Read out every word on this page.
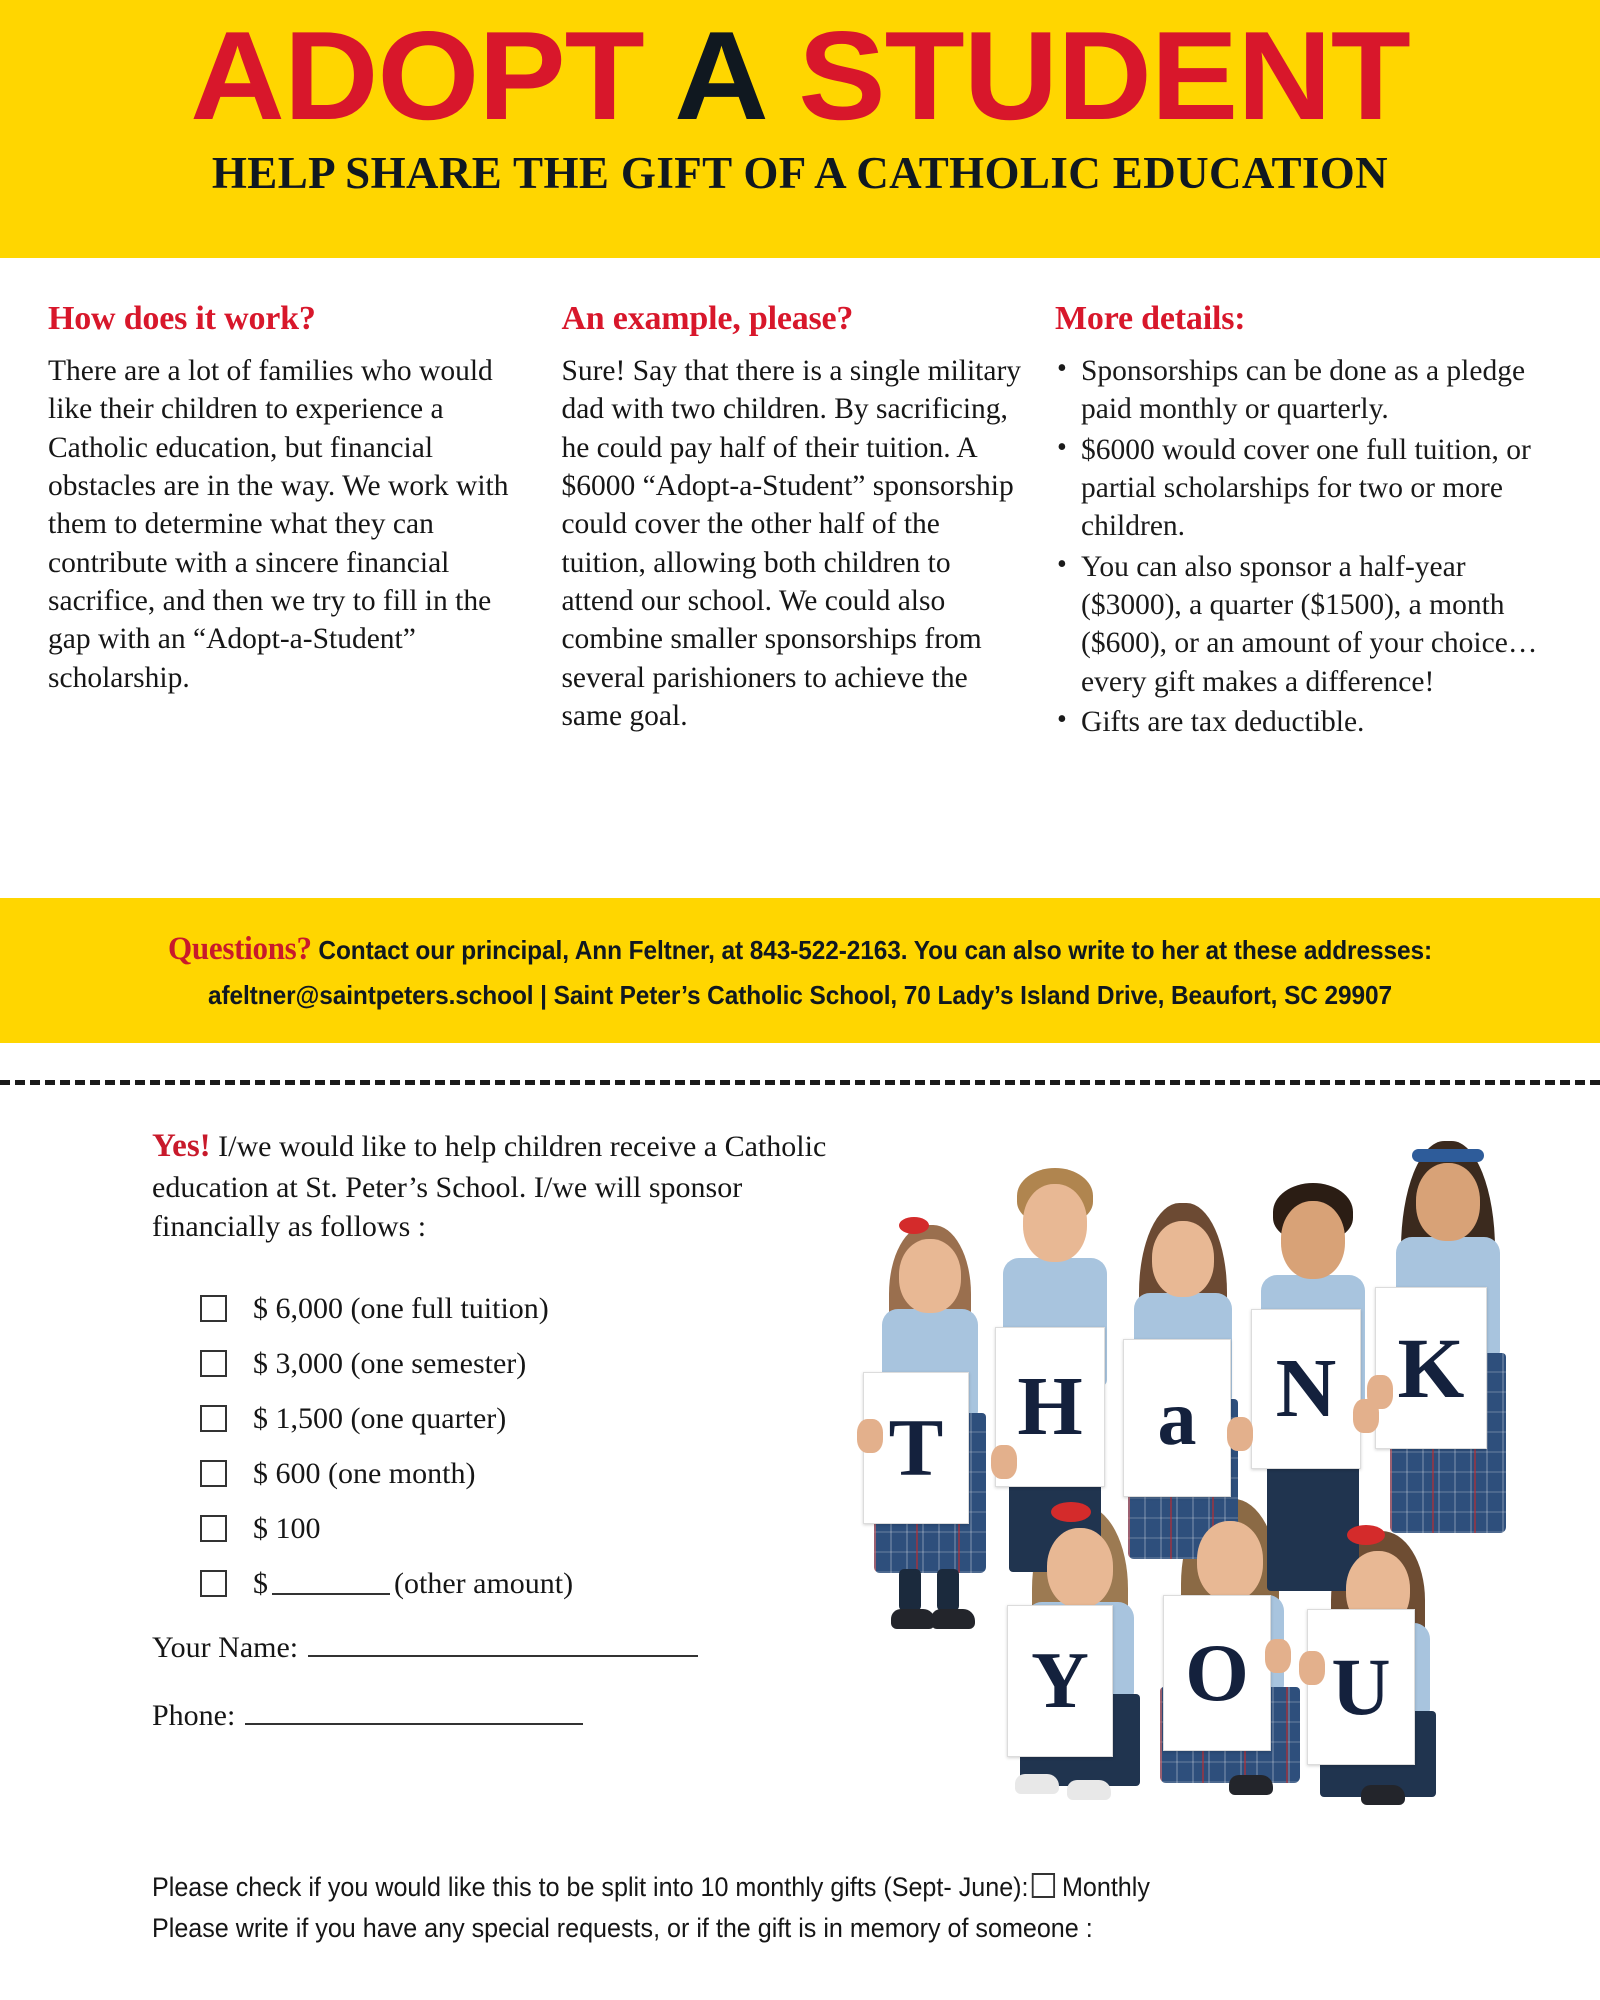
ADOPT A STUDENT
HELP SHARE THE GIFT OF A CATHOLIC EDUCATION
How does it work?

There are a lot of families who would like their children to experience a Catholic education, but financial obstacles are in the way. We work with them to determine what they can contribute with a sincere financial sacrifice, and then we try to fill in the gap with an “Adopt-a-Student” scholarship.

An example, please?

Sure! Say that there is a single military dad with two children. By sacrificing, he could pay half of their tuition. A $6000 “Adopt-a-Student” sponsorship could cover the other half of the tuition, allowing both children to attend our school. We could also combine smaller sponsorships from several parishioners to achieve the same goal.

More details:
• Sponsorships can be done as a pledge paid monthly or quarterly.
• $6000 would cover one full tuition, or partial scholarships for two or more children.
• You can also sponsor a half-year ($3000), a quarter ($1500), a month ($600), or an amount of your choice… every gift makes a difference!
• Gifts are tax deductible.
Questions? Contact our principal, Ann Feltner, at 843-522-2163. You can also write to her at these addresses:
afeltner@saintpeters.school | Saint Peter’s Catholic School, 70 Lady’s Island Drive, Beaufort, SC 29907

Yes! I/we would like to help children receive a Catholic education at St. Peter’s School. I/we will sponsor financially as follows :

$ 6,000 (one full tuition)
$ 3,000 (one semester)
$ 1,500 (one quarter)
$ 600 (one month)
$ 100
$	(other amount)
Your Name:
Phone:
Please check if you would like this to be split into 10 monthly gifts (Sept- June): Monthly
Please write if you have any special requests, or if the gift is in memory of someone :
T H a N K
Y O U
